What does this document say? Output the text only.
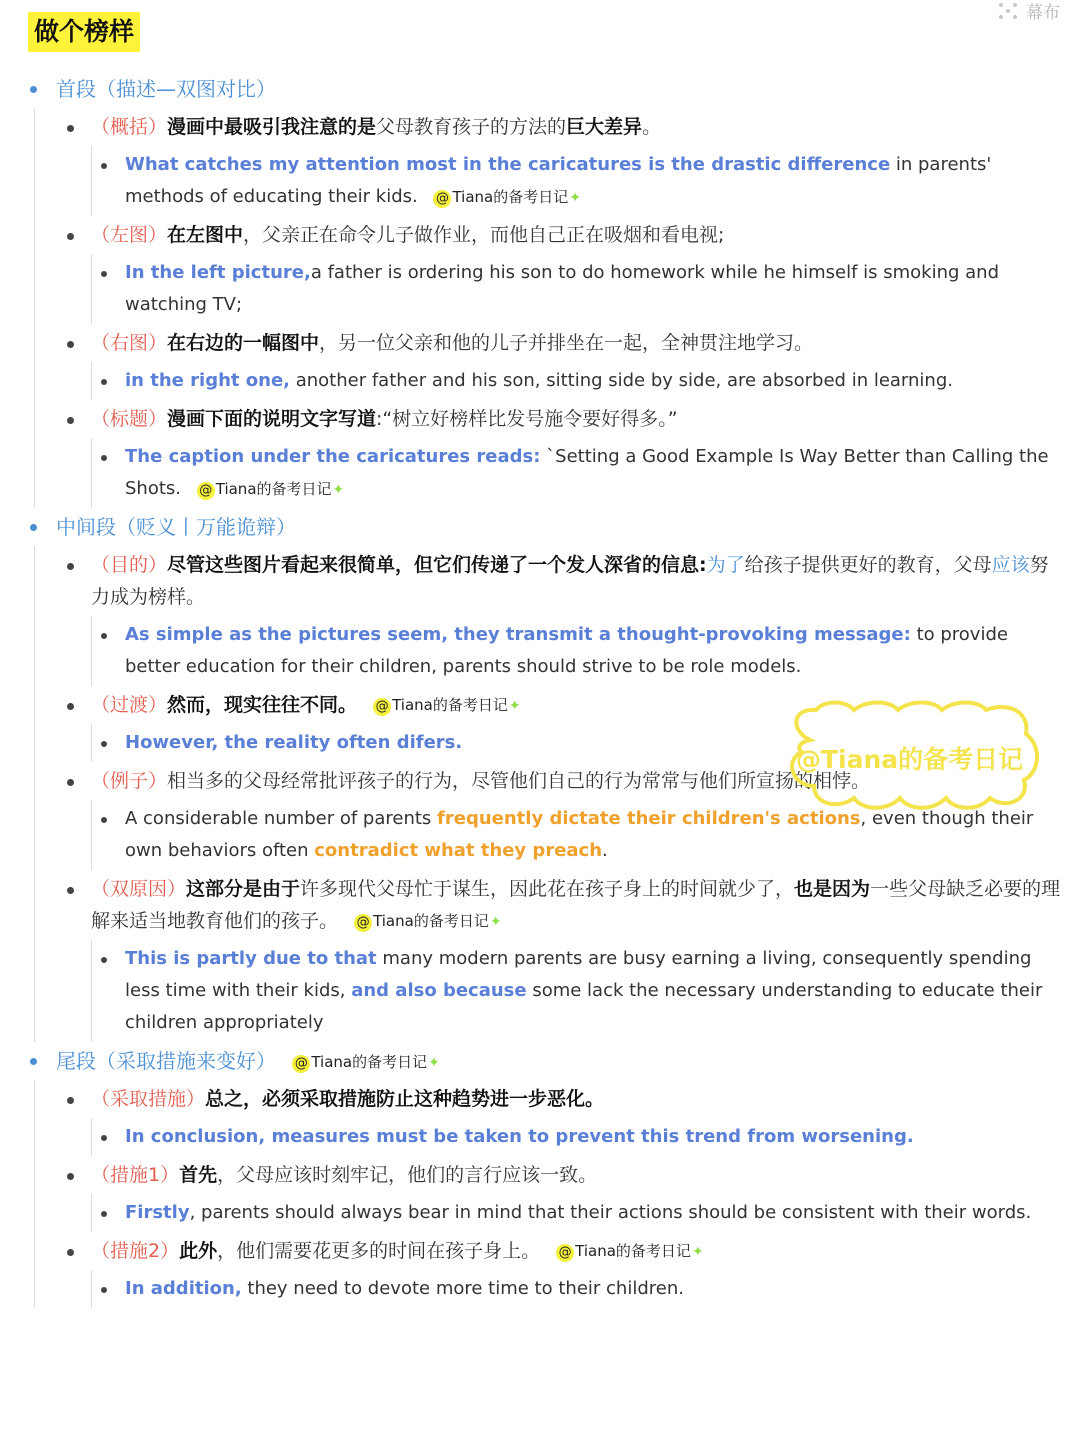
幕布
做个榜样
首段（描述—双图对比）
（概括）漫画中最吸引我注意的是父母教育孩子的方法的巨大差异。
What catches my attention most in the caricatures is the drastic difference in parents' methods of educating their kids. @ Tiana的备考日记✦
（左图）在左图中，父亲正在命令儿子做作业，而他自己正在吸烟和看电视;
In the left picture,a father is ordering his son to do homework while he himself is smoking and watching TV;
（右图）在右边的一幅图中，另一位父亲和他的儿子并排坐在一起，全神贯注地学习。
in the right one, another father and his son, sitting side by side, are absorbed in learning.
（标题）漫画下面的说明文字写道:“树立好榜样比发号施令要好得多。”
The caption under the caricatures reads: `Setting a Good Example Is Way Better than Calling the Shots. @ Tiana的备考日记✦
中间段（贬义丨万能诡辩）
（目的）尽管这些图片看起来很简单，但它们传递了一个发人深省的信息:为了给孩子提供更好的教育，父母应该努力成为榜样。
As simple as the pictures seem, they transmit a thought-provoking message: to provide better education for their children, parents should strive to be role models.
（过渡）然而，现实往往不同。 @ Tiana的备考日记✦
However, the reality often difers.
（例子）相当多的父母经常批评孩子的行为，尽管他们自己的行为常常与他们所宣扬的相悖。
A considerable number of parents frequently dictate their children's actions, even though their own behaviors often contradict what they preach.
（双原因）这部分是由于许多现代父母忙于谋生，因此花在孩子身上的时间就少了，也是因为一些父母缺乏必要的理解来适当地教育他们的孩子。 @ Tiana的备考日记✦
This is partly due to that many modern parents are busy earning a living, consequently spending less time with their kids, and also because some lack the necessary understanding to educate their children appropriately
尾段（采取措施来变好） @ Tiana的备考日记✦
（采取措施）总之，必须采取措施防止这种趋势进一步恶化。
In conclusion, measures must be taken to prevent this trend from worsening.
（措施1）首先，父母应该时刻牢记，他们的言行应该一致。
Firstly, parents should always bear in mind that their actions should be consistent with their words.
（措施2）此外，他们需要花更多的时间在孩子身上。 @ Tiana的备考日记✦
In addition, they need to devote more time to their children.
@Tiana的备考日记
